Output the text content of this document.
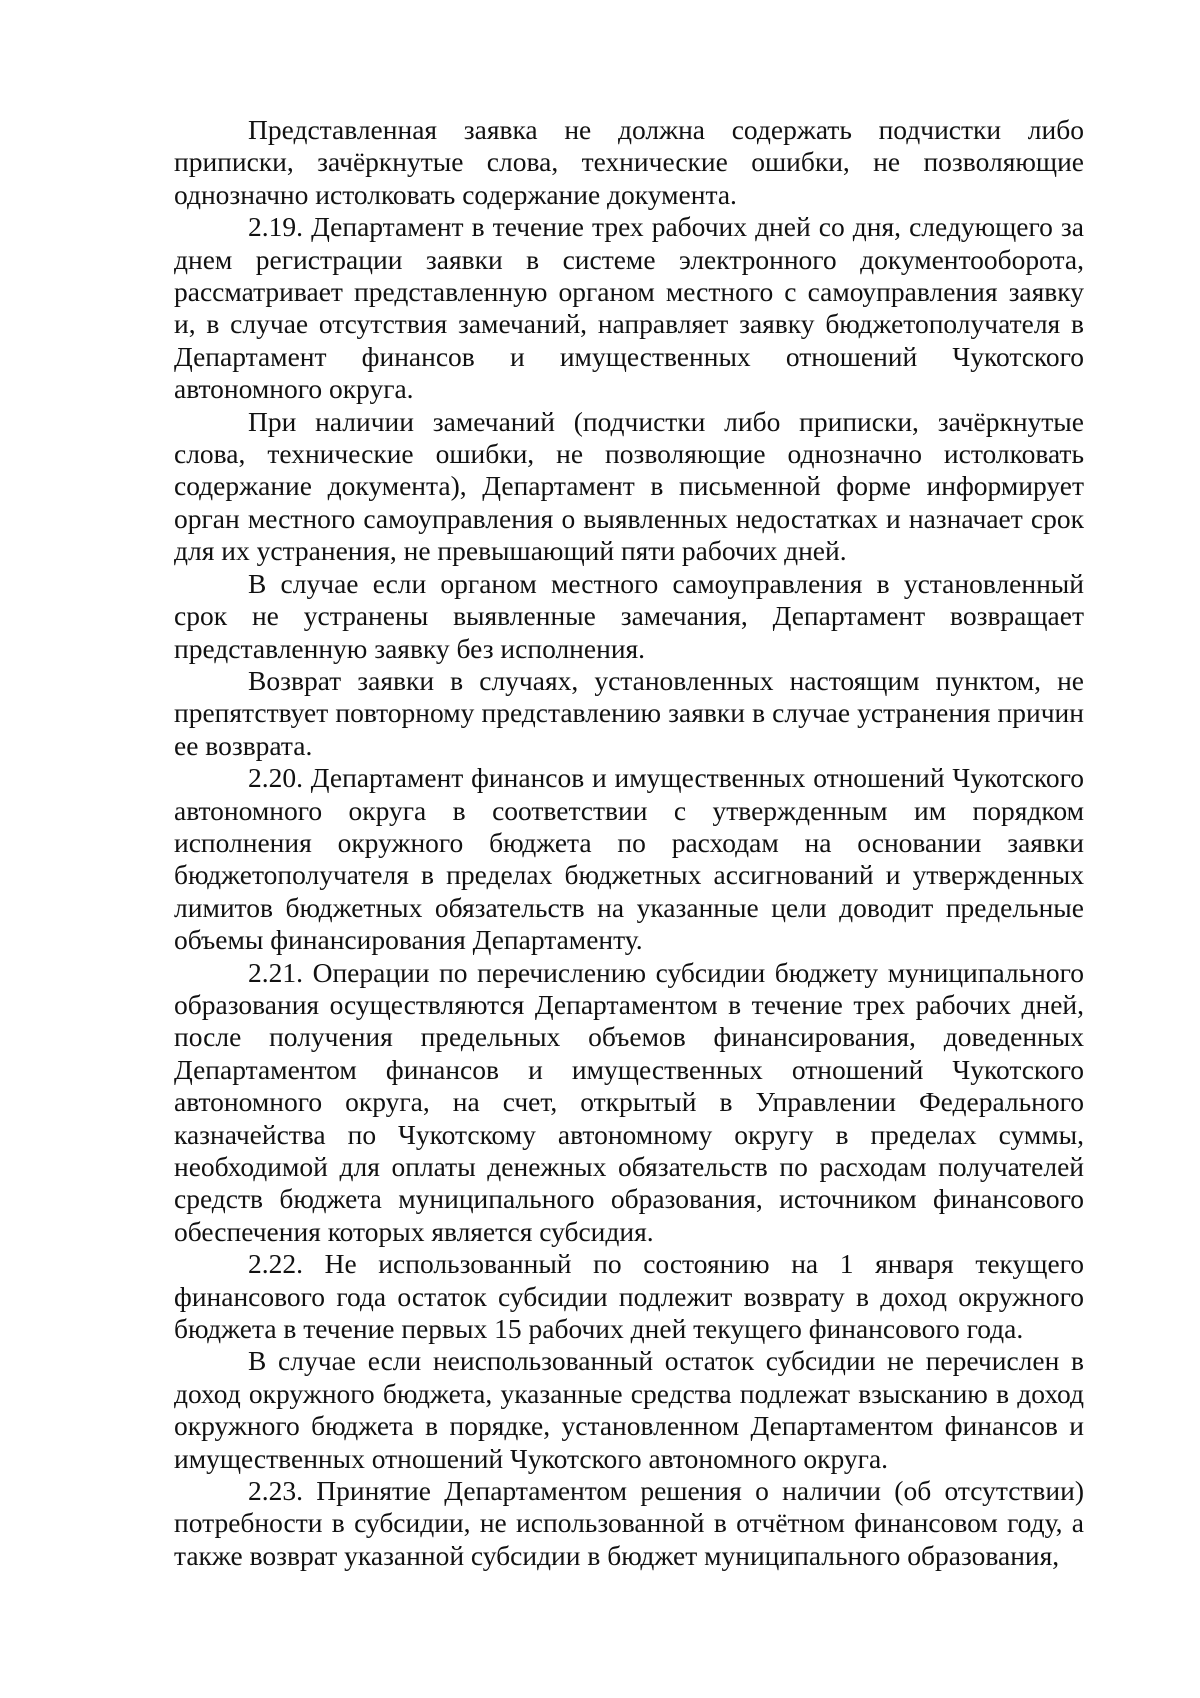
Представленная заявка не должна содержать подчистки либо приписки, зачёркнутые слова, технические ошибки, не позволяющие однозначно истолковать содержание документа.

2.19. Департамент в течение трех рабочих дней со дня, следующего за днем регистрации заявки в системе электронного документооборота, рассматривает представленную органом местного с самоуправления заявку и, в случае отсутствия замечаний, направляет заявку бюджетополучателя в Департамент финансов и имущественных отношений Чукотского автономного округа.

При наличии замечаний (подчистки либо приписки, зачёркнутые слова, технические ошибки, не позволяющие однозначно истолковать содержание документа), Департамент в письменной форме информирует орган местного самоуправления о выявленных недостатках и назначает срок для их устранения, не превышающий пяти рабочих дней.

В случае если органом местного самоуправления в установленный срок не устранены выявленные замечания, Департамент возвращает представленную заявку без исполнения.

Возврат заявки в случаях, установленных настоящим пунктом, не препятствует повторному представлению заявки в случае устранения причин ее возврата.

2.20. Департамент финансов и имущественных отношений Чукотского автономного округа в соответствии с утвержденным им порядком исполнения окружного бюджета по расходам на основании заявки бюджетополучателя в пределах бюджетных ассигнований и утвержденных лимитов бюджетных обязательств на указанные цели доводит предельные объемы финансирования Департаменту.

2.21. Операции по перечислению субсидии бюджету муниципального образования осуществляются Департаментом в течение трех рабочих дней, после получения предельных объемов финансирования, доведенных Департаментом финансов и имущественных отношений Чукотского автономного округа, на счет, открытый в Управлении Федерального казначейства по Чукотскому автономному округу в пределах суммы, необходимой для оплаты денежных обязательств по расходам получателей средств бюджета муниципального образования, источником финансового обеспечения которых является субсидия.

2.22. Не использованный по состоянию на 1 января текущего финансового года остаток субсидии подлежит возврату в доход окружного бюджета в течение первых 15 рабочих дней текущего финансового года.

В случае если неиспользованный остаток субсидии не перечислен в доход окружного бюджета, указанные средства подлежат взысканию в доход окружного бюджета в порядке, установленном Департаментом финансов и имущественных отношений Чукотского автономного округа.

2.23. Принятие Департаментом решения о наличии (об отсутствии) потребности в субсидии, не использованной в отчётном финансовом году, а также возврат указанной субсидии в бюджет муниципального образования,
